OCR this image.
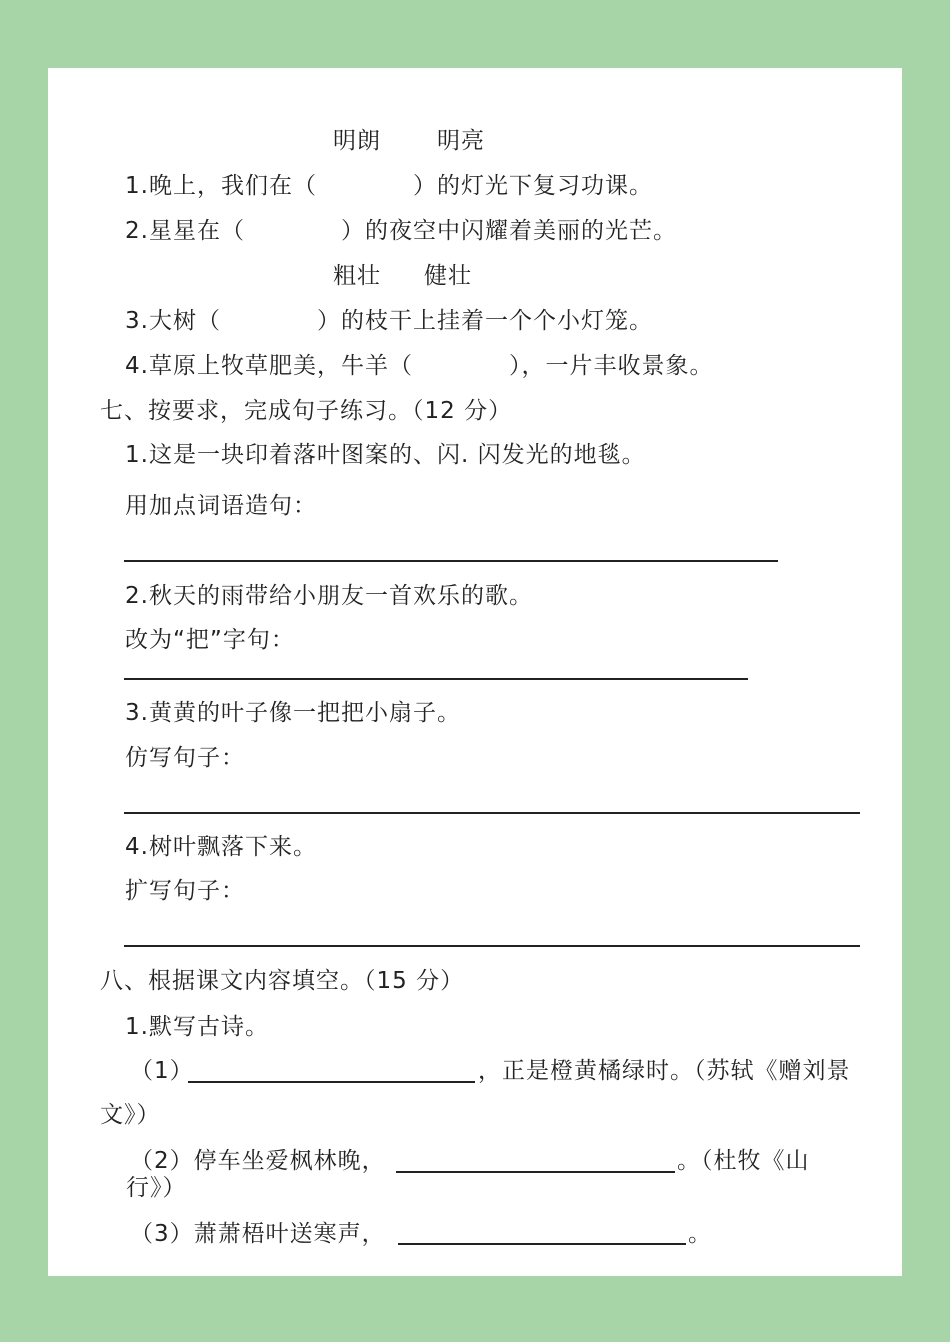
明朗 明亮
1.晚上，我们在（　　　　）的灯光下复习功课。
2.星星在（　　　　）的夜空中闪耀着美丽的光芒。
粗壮 健壮
3.大树（　　　　）的枝干上挂着一个个小灯笼。
4.草原上牧草肥美，牛羊（　　　　），一片丰收景象。
七、按要求，完成句子练习。（12 分）
1.这是一块印着落叶图案的、闪. 闪发光的地毯。
用加点词语造句：
2.秋天的雨带给小朋友一首欢乐的歌。
改为“把”字句：
3.黄黄的叶子像一把把小扇子。
仿写句子：
4.树叶飘落下来。
扩写句子：
八、根据课文内容填空。（15 分）
1.默写古诗。
（1）	，正是橙黄橘绿时。（苏轼《赠刘景
文》）
（2）停车坐爱枫林晚，	。（杜牧《山
行》）
（3）萧萧梧叶送寒声，	。
